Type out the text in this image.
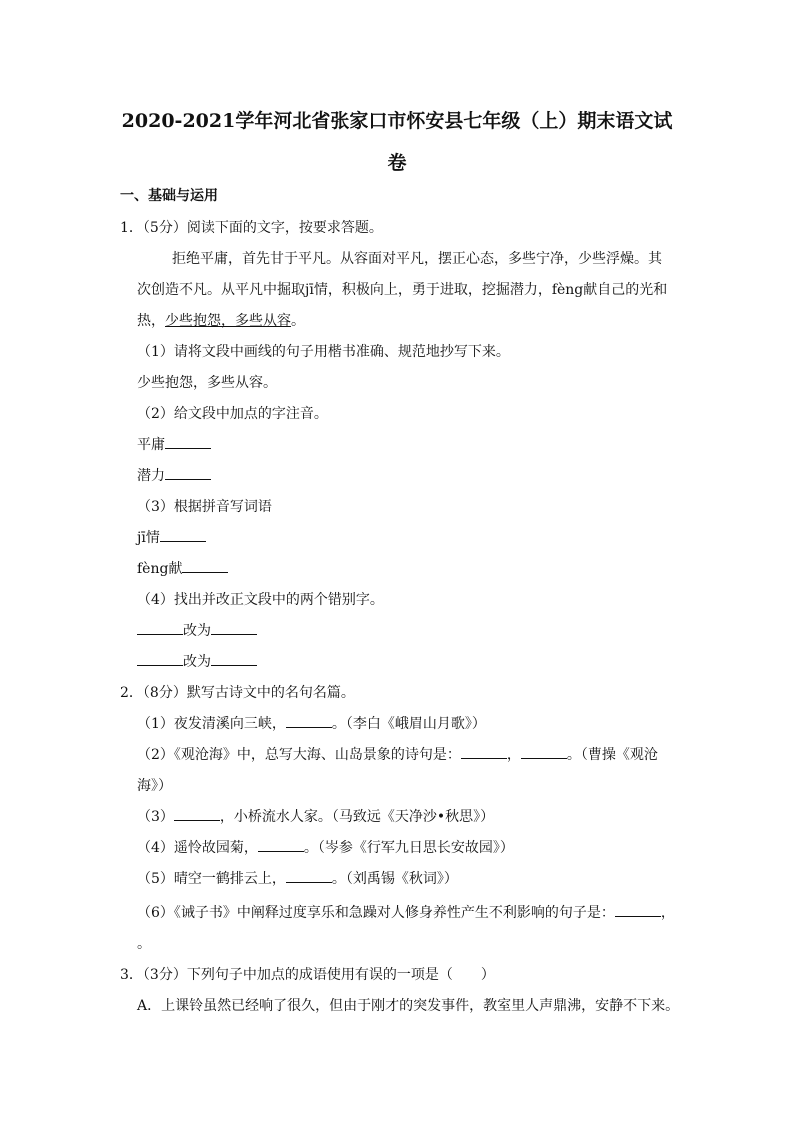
2020-2021学年河北省张家口市怀安县七年级（上）期末语文试
卷
一、基础与运用
1．（5分）阅读下面的文字，按要求答题。
拒绝平庸，首先甘于平凡。从容面对平凡，摆正心态，多些宁净，少些浮燥。其
次创造不凡。从平凡中掘取jī情，积极向上，勇于进取，挖掘潜力，fèng献自己的光和
热，少些抱怨，多些从容。
（1）请将文段中画线的句子用楷书准确、规范地抄写下来。
少些抱怨，多些从容。
（2）给文段中加点的字注音。
平庸
潜力
（3）根据拼音写词语
jī情
fèng献
（4）找出并改正文段中的两个错别字。
改为
改为
2．（8分）默写古诗文中的名句名篇。
（1）夜发清溪向三峡，	。（李白《峨眉山月歌》）
（2）《观沧海》中，总写大海、山岛景象的诗句是：	，	。（曹操《观沧
海》）
（3）	，小桥流水人家。（马致远《天净沙•秋思》）
（4）遥怜故园菊，	。（岑参《行军九日思长安故园》）
（5）晴空一鹤排云上，	。（刘禹锡《秋词》）
（6）《诫子书》中阐释过度享乐和急躁对人修身养性产生不利影响的句子是：	，
。
3．（3分）下列句子中加点的成语使用有误的一项是（　　）
A．上课铃虽然已经响了很久，但由于刚才的突发事件，教室里人声鼎沸，安静不下来。
